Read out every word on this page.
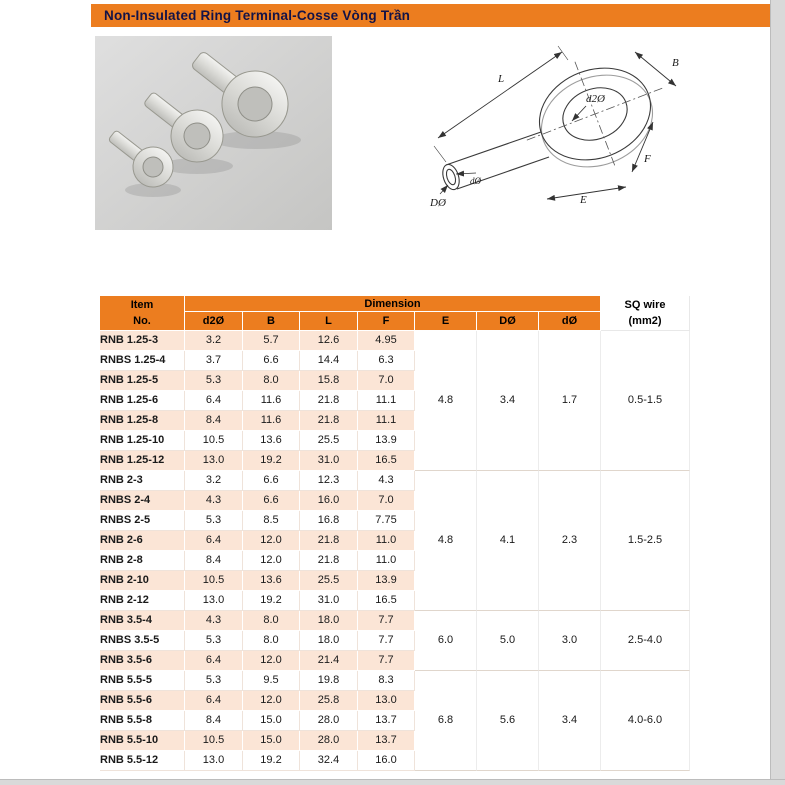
Non-Insulated Ring Terminal-Cosse Vòng Trần
L
B
d2Ø
F
E
dØ
DØ
Item
No.
	Dimension	SQ wire
(mm2)

	d2Ø	B	L	F	E	DØ	dØ	
RNB 1.25-3	3.2	5.7	12.6	4.95	4.8	3.4	1.7	0.5-1.5
RNBS 1.25-4	3.7	6.6	14.4	6.3				
RNB 1.25-5	5.3	8.0	15.8	7.0				
RNB 1.25-6	6.4	11.6	21.8	11.1				
RNB 1.25-8	8.4	11.6	21.8	11.1				
RNB 1.25-10	10.5	13.6	25.5	13.9				
RNB 1.25-12	13.0	19.2	31.0	16.5				
RNB 2-3	3.2	6.6	12.3	4.3	4.8	4.1	2.3	1.5-2.5
RNBS 2-4	4.3	6.6	16.0	7.0				
RNBS 2-5	5.3	8.5	16.8	7.75				
RNB 2-6	6.4	12.0	21.8	11.0				
RNB 2-8	8.4	12.0	21.8	11.0				
RNB 2-10	10.5	13.6	25.5	13.9				
RNB 2-12	13.0	19.2	31.0	16.5				
RNB 3.5-4	4.3	8.0	18.0	7.7	6.0	5.0	3.0	2.5-4.0
RNBS 3.5-5	5.3	8.0	18.0	7.7				
RNB 3.5-6	6.4	12.0	21.4	7.7				
RNB 5.5-5	5.3	9.5	19.8	8.3	6.8	5.6	3.4	4.0-6.0
RNB 5.5-6	6.4	12.0	25.8	13.0				
RNB 5.5-8	8.4	15.0	28.0	13.7				
RNB 5.5-10	10.5	15.0	28.0	13.7				
RNB 5.5-12	13.0	19.2	32.4	16.0				
